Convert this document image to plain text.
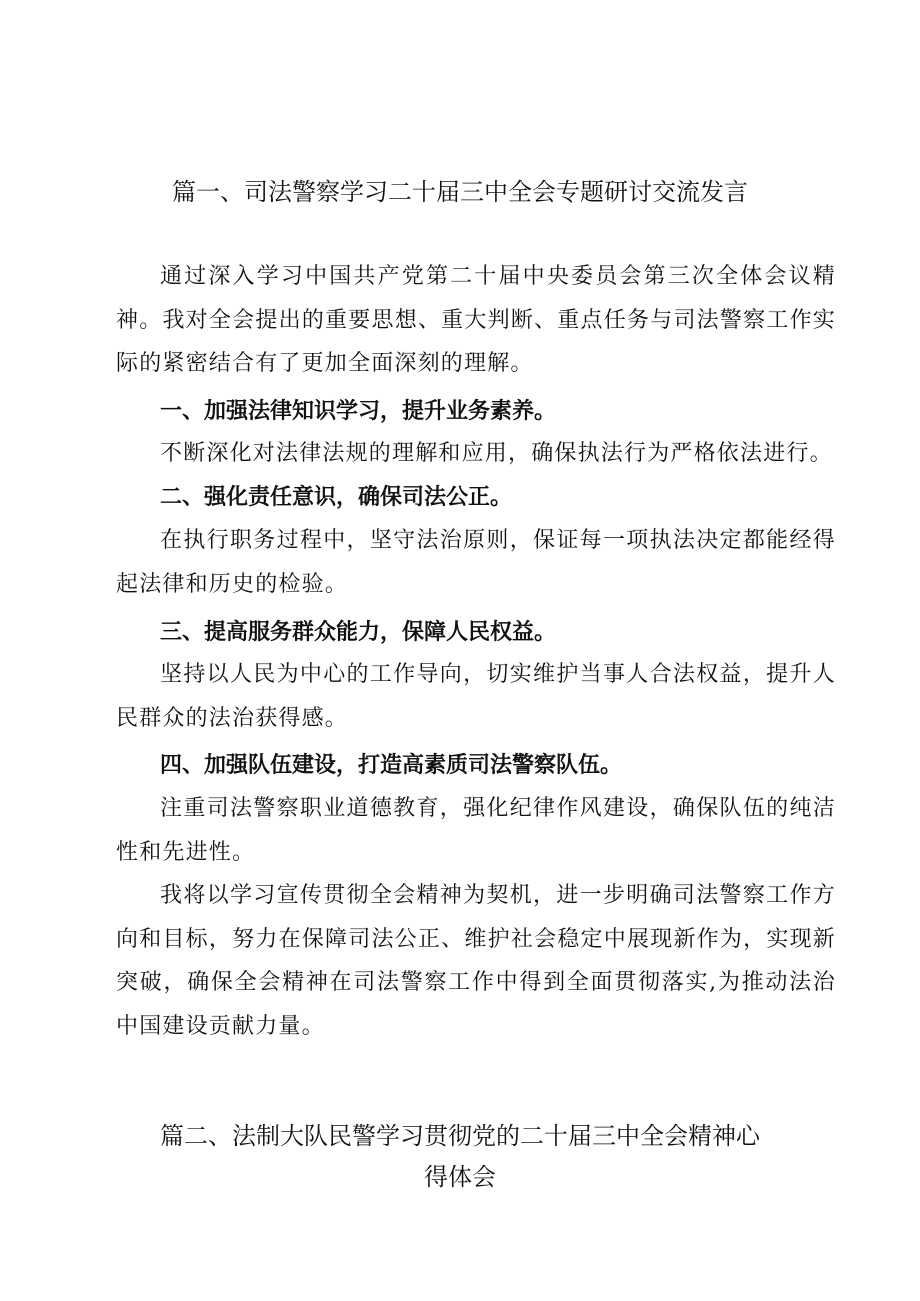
篇一、司法警察学习二十届三中全会专题研讨交流发言

通过深入学习中国共产党第二十届中央委员会第三次全体会议精神。我对全会提出的重要思想、重大判断、重点任务与司法警察工作实际的紧密结合有了更加全面深刻的理解。

一、加强法律知识学习，提升业务素养。

不断深化对法律法规的理解和应用，确保执法行为严格依法进行。

二、强化责任意识，确保司法公正。

在执行职务过程中，坚守法治原则，保证每一项执法决定都能经得起法律和历史的检验。

三、提高服务群众能力，保障人民权益。

坚持以人民为中心的工作导向，切实维护当事人合法权益，提升人民群众的法治获得感。

四、加强队伍建设，打造高素质司法警察队伍。

注重司法警察职业道德教育，强化纪律作风建设，确保队伍的纯洁性和先进性。

我将以学习宣传贯彻全会精神为契机，进一步明确司法警察工作方向和目标，努力在保障司法公正、维护社会稳定中展现新作为，实现新突破，确保全会精神在司法警察工作中得到全面贯彻落实,为推动法治中国建设贡献力量。

篇二、法制大队民警学习贯彻党的二十届三中全会精神心
得体会
